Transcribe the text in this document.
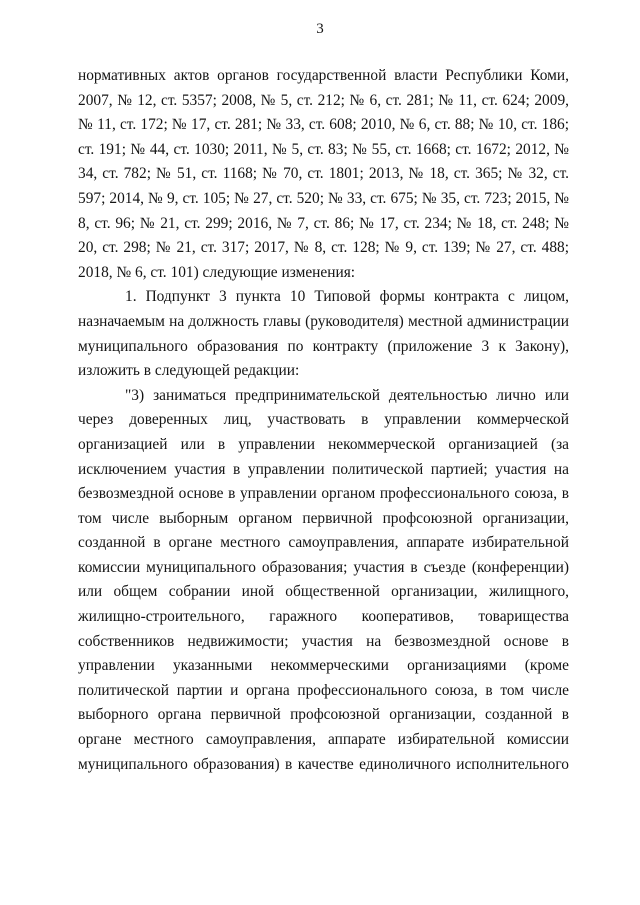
3

нормативных актов органов государственной власти Республики Коми, 2007, № 12, ст. 5357; 2008, № 5, ст. 212; № 6, ст. 281; № 11, ст. 624; 2009, № 11, ст. 172; № 17, ст. 281; № 33, ст. 608; 2010, № 6, ст. 88; № 10, ст. 186; ст. 191; № 44, ст. 1030; 2011, № 5, ст. 83; № 55, ст. 1668; ст. 1672; 2012, № 34, ст. 782; № 51, ст. 1168; № 70, ст. 1801; 2013, № 18, ст. 365; № 32, ст. 597; 2014, № 9, ст. 105; № 27, ст. 520; № 33, ст. 675; № 35, ст. 723; 2015, № 8, ст. 96; № 21, ст. 299; 2016, № 7, ст. 86; № 17, ст. 234; № 18, ст. 248; № 20, ст. 298; № 21, ст. 317; 2017, № 8, ст. 128; № 9, ст. 139; № 27, ст. 488; 2018, № 6, ст. 101) следующие изменения:

1. Подпункт 3 пункта 10 Типовой формы контракта с лицом, назначаемым на должность главы (руководителя) местной администрации муниципального образования по контракту (приложение 3 к Закону), изложить в следующей редакции:

"3) заниматься предпринимательской деятельностью лично или через доверенных лиц, участвовать в управлении коммерческой организацией или в управлении некоммерческой организацией (за исключением участия в управлении политической партией; участия на безвозмездной основе в управлении органом профессионального союза, в том числе выборным органом первичной профсоюзной организации, созданной в органе местного самоуправления, аппарате избирательной комиссии муниципального образования; участия в съезде (конференции) или общем собрании иной общественной организации, жилищного, жилищно-строительного, гаражного кооперативов, товарищества собственников недвижимости; участия на безвозмездной основе в управлении указанными некоммерческими организациями (кроме политической партии и органа профессионального союза, в том числе выборного органа первичной профсоюзной организации, созданной в органе местного самоуправления, аппарате избирательной комиссии муниципального образования) в качестве единоличного исполнительного
